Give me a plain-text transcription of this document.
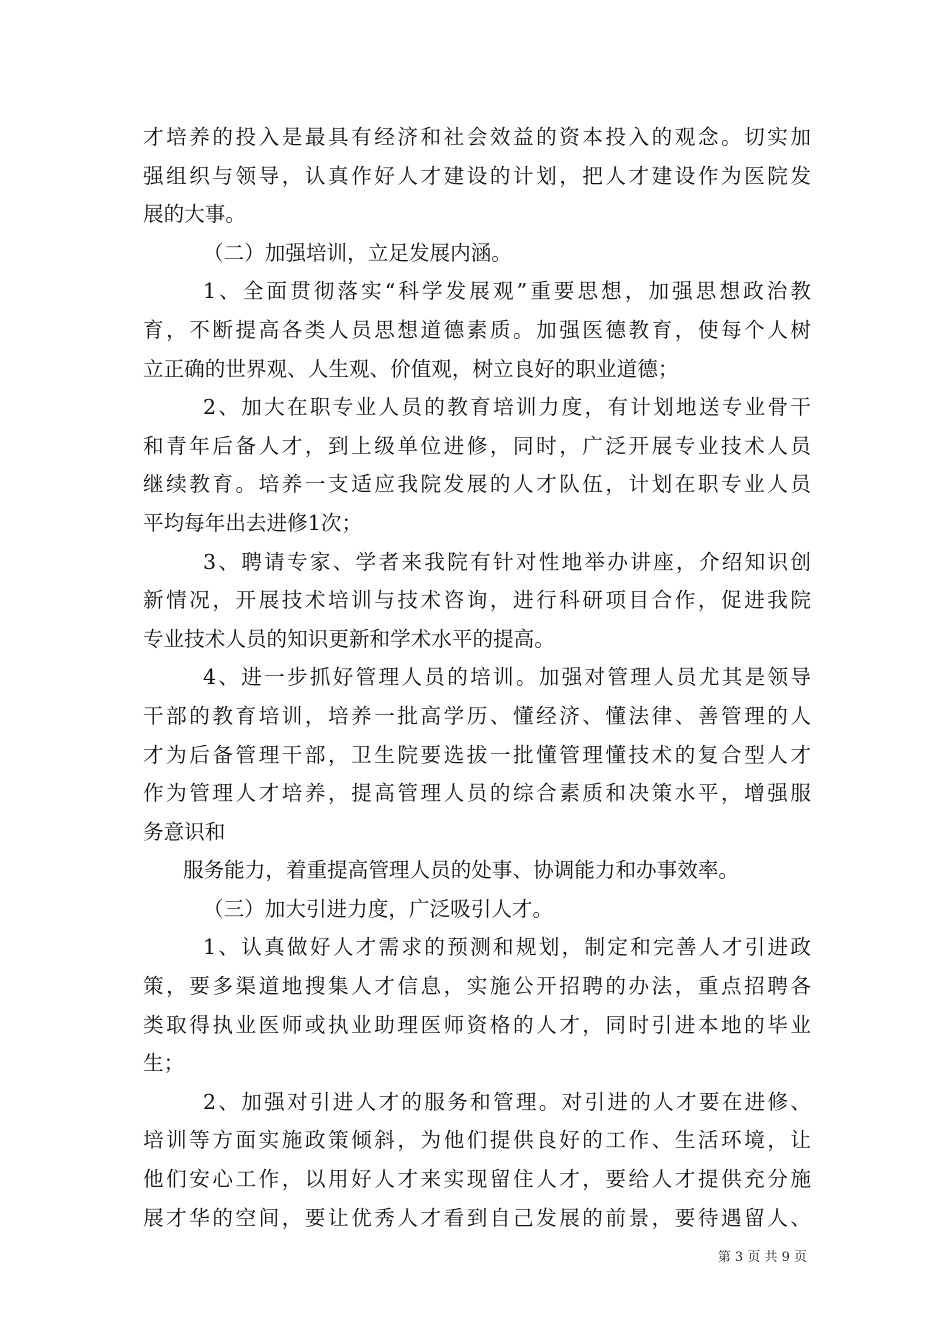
才培养的投入是最具有经济和社会效益的资本投入的观念。切实加
强组织与领导，认真作好人才建设的计划，把人才建设作为医院发
展的大事。
（二）加强培训，立足发展内涵。
1、全面贯彻落实“科学发展观”重要思想，加强思想政治教
育，不断提高各类人员思想道德素质。加强医德教育，使每个人树
立正确的世界观、人生观、价值观，树立良好的职业道德；
2、加大在职专业人员的教育培训力度，有计划地送专业骨干
和青年后备人才，到上级单位进修，同时，广泛开展专业技术人员
继续教育。培养一支适应我院发展的人才队伍，计划在职专业人员
平均每年出去进修1次；
3、聘请专家、学者来我院有针对性地举办讲座，介绍知识创
新情况，开展技术培训与技术咨询，进行科研项目合作，促进我院
专业技术人员的知识更新和学术水平的提高。
4、进一步抓好管理人员的培训。加强对管理人员尤其是领导
干部的教育培训，培养一批高学历、懂经济、懂法律、善管理的人
才为后备管理干部，卫生院要选拔一批懂管理懂技术的复合型人才
作为管理人才培养，提高管理人员的综合素质和决策水平，增强服
务意识和
服务能力，着重提高管理人员的处事、协调能力和办事效率。
（三）加大引进力度，广泛吸引人才。
1、认真做好人才需求的预测和规划，制定和完善人才引进政
策，要多渠道地搜集人才信息，实施公开招聘的办法，重点招聘各
类取得执业医师或执业助理医师资格的人才，同时引进本地的毕业
生；
2、加强对引进人才的服务和管理。对引进的人才要在进修、
培训等方面实施政策倾斜，为他们提供良好的工作、生活环境，让
他们安心工作，以用好人才来实现留住人才，要给人才提供充分施
展才华的空间，要让优秀人才看到自己发展的前景，要待遇留人、
第 3 页 共 9 页
